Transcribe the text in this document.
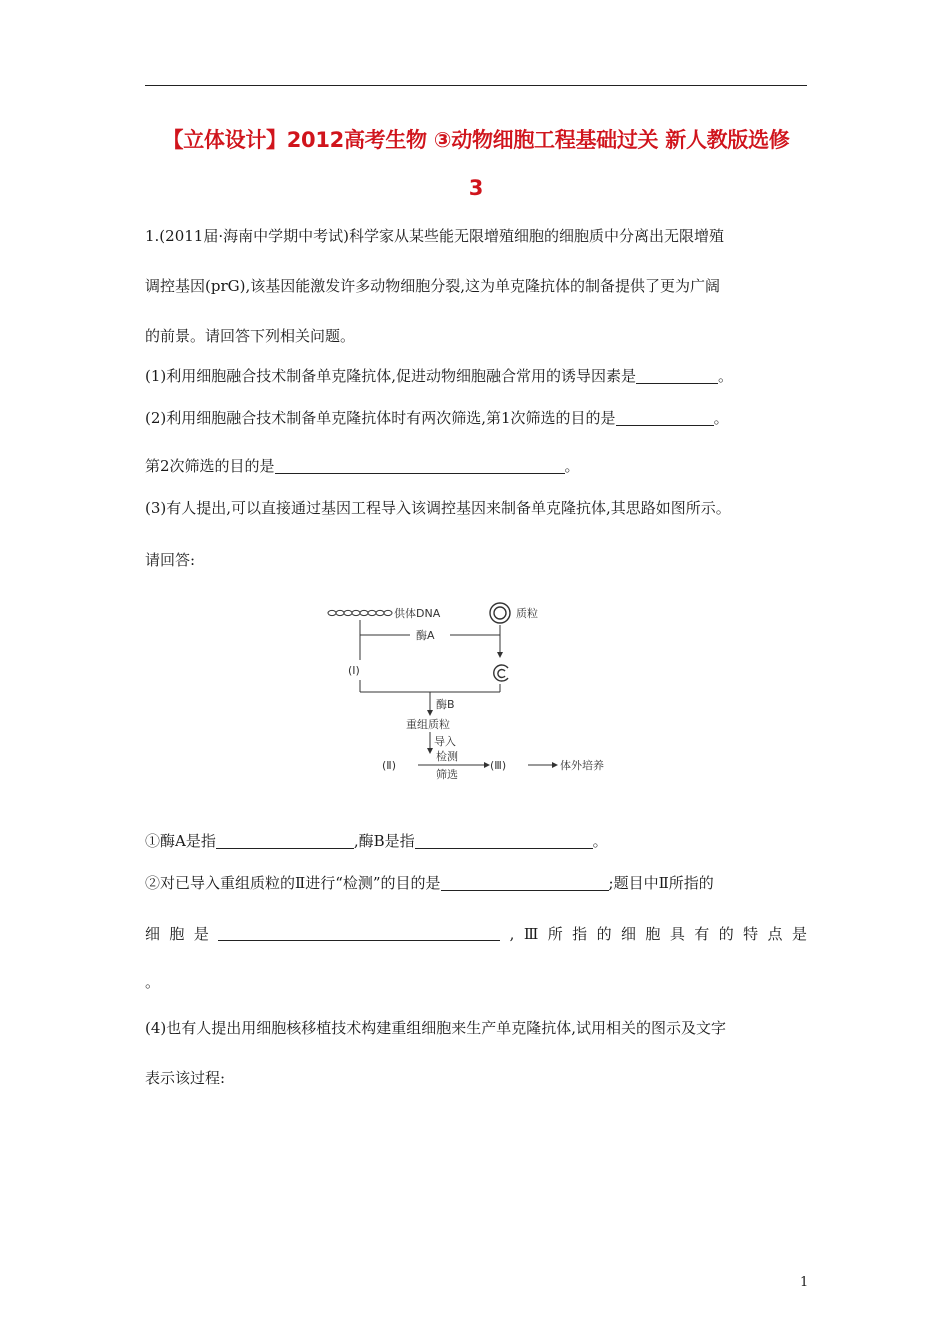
【立体设计】2012高考生物 ③动物细胞工程基础过关 新人教版选修
3
1.(2011届·海南中学期中考试)科学家从某些能无限增殖细胞的细胞质中分离出无限增殖
调控基因(prG),该基因能激发许多动物细胞分裂,这为单克隆抗体的制备提供了更为广阔
的前景。请回答下列相关问题。
(1)利用细胞融合技术制备单克隆抗体,促进动物细胞融合常用的诱导因素是	。
(2)利用细胞融合技术制备单克隆抗体时有两次筛选,第1次筛选的目的是	。
第2次筛选的目的是	。
(3)有人提出,可以直接通过基因工程导入该调控基因来制备单克隆抗体,其思路如图所示。
请回答:
供体DNA	质粒
酶A
(Ⅰ)
酶B
重组质粒
导入
(Ⅱ)
检测
筛选
(Ⅲ)	体外培养
①酶A是指	,酶B是指	。
②对已导入重组质粒的Ⅱ进行“检测”的目的是	;题目中Ⅱ所指的
细 胞 是	, Ⅲ 所 指 的 细 胞 具 有 的 特 点 是
。
(4)也有人提出用细胞核移植技术构建重组细胞来生产单克隆抗体,试用相关的图示及文字
表示该过程:
1
